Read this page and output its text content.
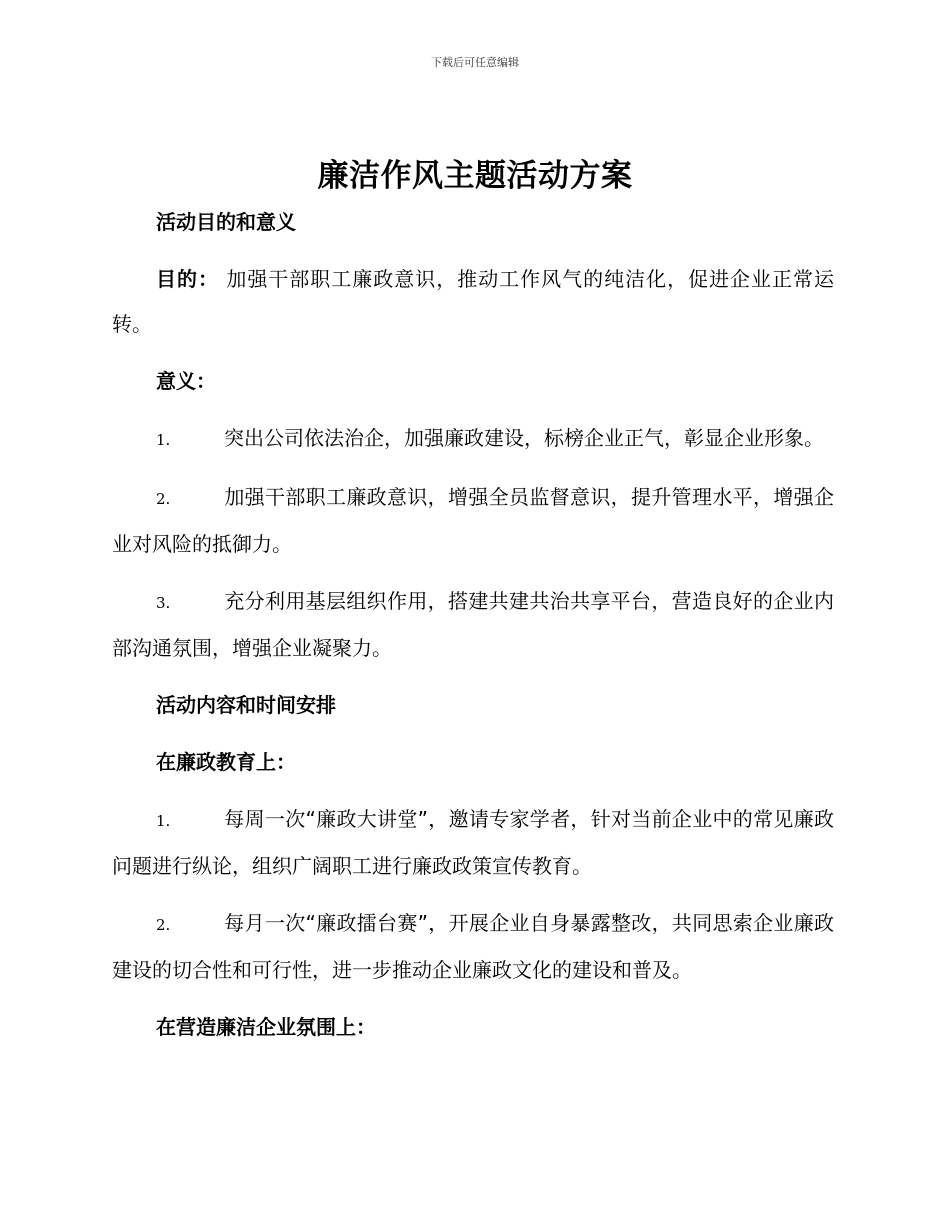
下载后可任意编辑
廉洁作风主题活动方案

活动目的和意义

目的： 加强干部职工廉政意识，推动工作风气的纯洁化，促进企业正常运转。

意义：

1.	突出公司依法治企，加强廉政建设，标榜企业正气，彰显企业形象。

2.	加强干部职工廉政意识，增强全员监督意识，提升管理水平，增强企业对风险的抵御力。

3.	充分利用基层组织作用，搭建共建共治共享平台，营造良好的企业内部沟通氛围，增强企业凝聚力。

活动内容和时间安排

在廉政教育上：

1.	每周一次“廉政大讲堂”，邀请专家学者，针对当前企业中的常见廉政问题进行纵论，组织广阔职工进行廉政政策宣传教育。

2.	每月一次“廉政擂台赛”，开展企业自身暴露整改，共同思索企业廉政建设的切合性和可行性，进一步推动企业廉政文化的建设和普及。

在营造廉洁企业氛围上：
